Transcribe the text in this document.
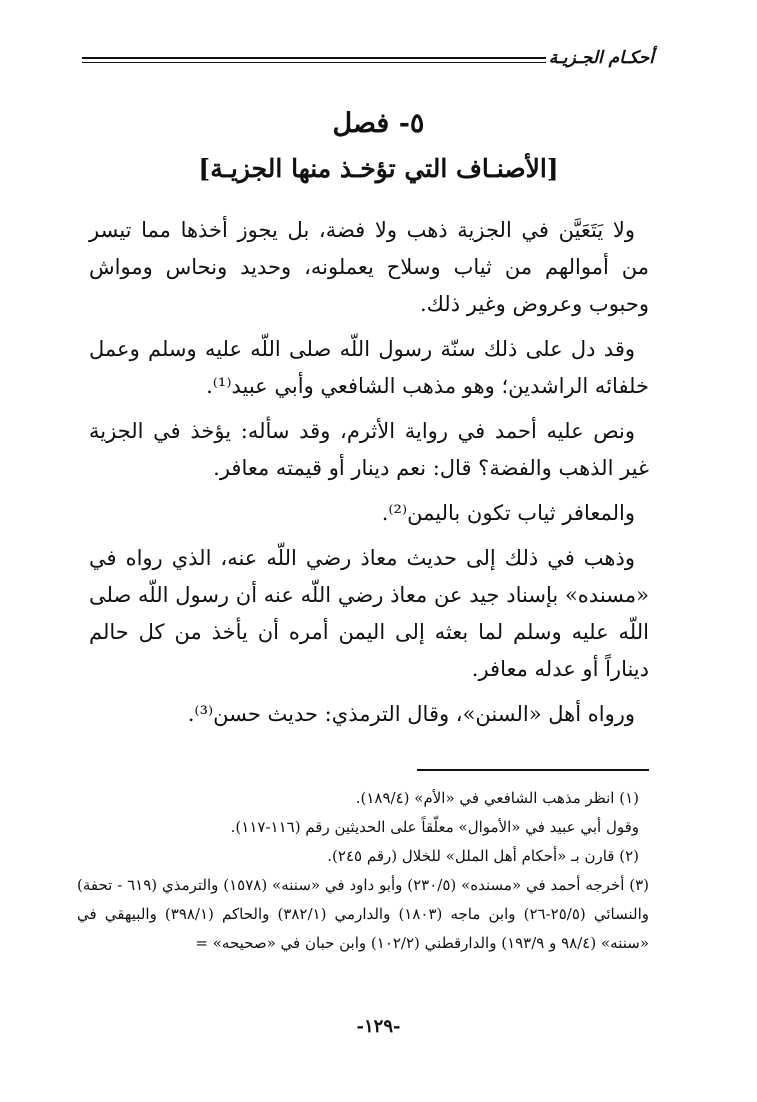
أحكـام الجـزيـة
٥- فصل
[الأصنـاف التي تؤخـذ منها الجزيـة]

ولا يَتَعَيَّن في الجزية ذهب ولا فضة، بل يجوز أخذها مما تيسر من أموالهم من ثياب وسلاح يعملونه، وحديد ونحاس ومواش وحبوب وعروض وغير ذلك.

وقد دل على ذلك سنّة رسول اللّه صلى اللّه عليه وسلم وعمل خلفائه الراشدين؛ وهو مذهب الشافعي وأبي عبيد⁽¹⁾.

ونص عليه أحمد في رواية الأثرم، وقد سأله: يؤخذ في الجزية غير الذهب والفضة؟ قال: نعم دينار أو قيمته معافر.

والمعافر ثياب تكون باليمن⁽²⁾.

وذهب في ذلك إلى حديث معاذ رضي اللّه عنه، الذي رواه في «مسنده» بإسناد جيد عن معاذ رضي اللّه عنه أن رسول اللّه صلى اللّه عليه وسلم لما بعثه إلى اليمن أمره أن يأخذ من كل حالم ديناراً أو عدله معافر.

ورواه أهل «السنن»، وقال الترمذي: حديث حسن⁽³⁾.

(١) انظر مذهب الشافعي في «الأم» (١٨٩/٤).

وقول أبي عبيد في «الأموال» معلّقاً على الحديثين رقم (١١٦-١١٧).

(٢) قارن بـ «أحكام أهل الملل» للخلال (رقم ٢٤٥).

(٣) أخرجه أحمد في «مسنده» (٢٣٠/٥) وأبو داود في «سننه» (١٥٧٨) والترمذي (٦١٩ - تحفة) والنسائي (٢٥/٥-٢٦) وابن ماجه (١٨٠٣) والدارمي (٣٨٢/١) والحاكم (٣٩٨/١) والبيهقي في «سننه» (٩٨/٤ و ١٩٣/٩) والدارقطني (١٠٢/٢) وابن حبان في «صحيحه» =

-١٢٩-
